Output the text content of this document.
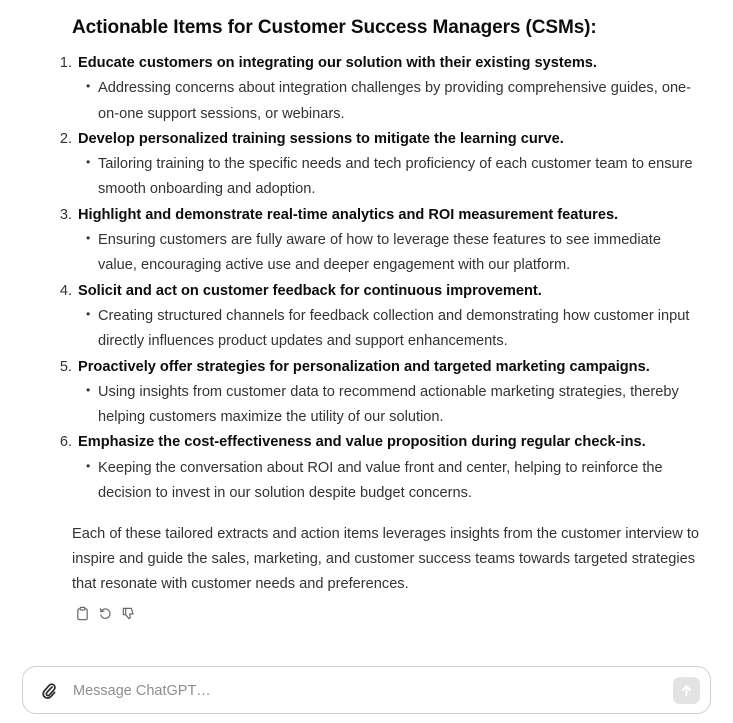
Actionable Items for Customer Success Managers (CSMs):
1. Educate customers on integrating our solution with their existing systems.
• Addressing concerns about integration challenges by providing comprehensive guides, one-on-one support sessions, or webinars.
2. Develop personalized training sessions to mitigate the learning curve.
• Tailoring training to the specific needs and tech proficiency of each customer team to ensure smooth onboarding and adoption.
3. Highlight and demonstrate real-time analytics and ROI measurement features.
• Ensuring customers are fully aware of how to leverage these features to see immediate value, encouraging active use and deeper engagement with our platform.
4. Solicit and act on customer feedback for continuous improvement.
• Creating structured channels for feedback collection and demonstrating how customer input directly influences product updates and support enhancements.
5. Proactively offer strategies for personalization and targeted marketing campaigns.
• Using insights from customer data to recommend actionable marketing strategies, thereby helping customers maximize the utility of our solution.
6. Emphasize the cost-effectiveness and value proposition during regular check-ins.
• Keeping the conversation about ROI and value front and center, helping to reinforce the decision to invest in our solution despite budget concerns.

Each of these tailored extracts and action items leverages insights from the customer interview to inspire and guide the sales, marketing, and customer success teams towards targeted strategies that resonate with customer needs and preferences.

Message ChatGPT…
